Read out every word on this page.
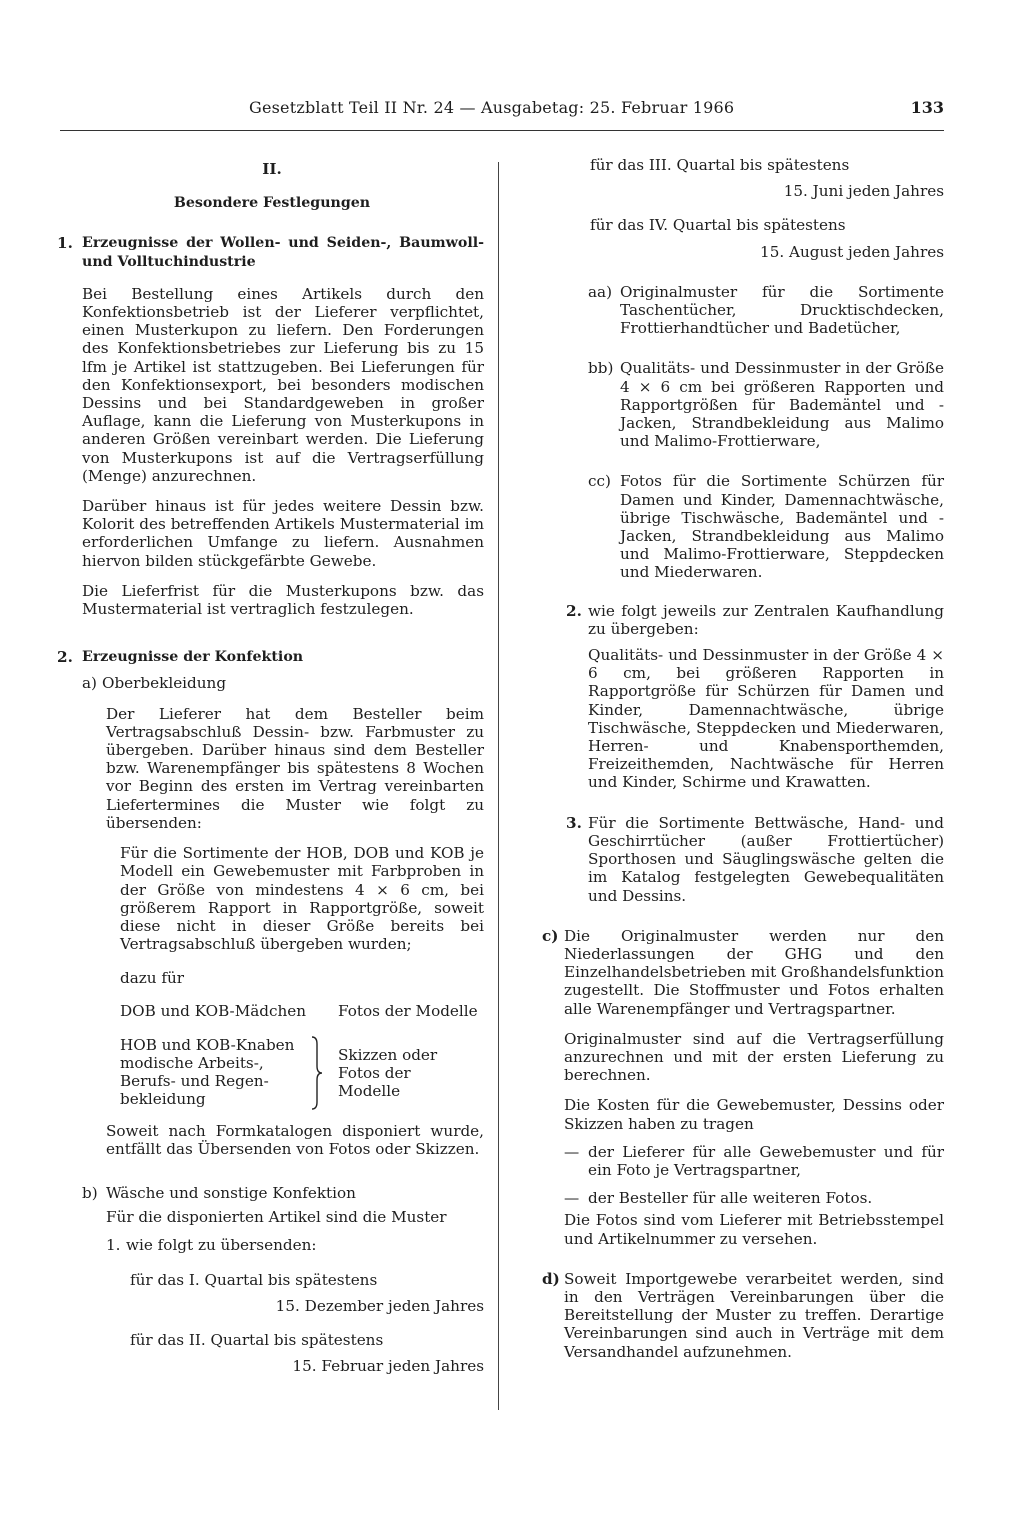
Gesetzblatt Teil II Nr. 24 — Ausgabetag: 25. Februar 1966	133

II.

Besondere Festlegungen

1. Erzeugnisse der Wollen- und Seiden-, Baumwoll-

und Volltuchindustrie

Bei Bestellung eines Artikels durch den Konfektionsbetrieb ist der Lieferer verpflichtet, einen Musterkupon zu liefern. Den Forderungen des Konfektionsbetriebes zur Lieferung bis zu 15 lfm je Artikel ist stattzugeben. Bei Lieferungen für den Konfektionsexport, bei besonders modischen Dessins und bei Standardgeweben in großer Auflage, kann die Lieferung von Musterkupons in anderen Größen vereinbart werden. Die Lieferung von Musterkupons ist auf die Vertragserfüllung (Menge) anzurechnen.

Darüber hinaus ist für jedes weitere Dessin bzw. Kolorit des betreffenden Artikels Mustermaterial im erforderlichen Umfange zu liefern. Ausnahmen hiervon bilden stückgefärbte Gewebe.

Die Lieferfrist für die Musterkupons bzw. das Mustermaterial ist vertraglich festzulegen.

2. Erzeugnisse der Konfektion

a) Oberbekleidung

Der Lieferer hat dem Besteller beim Vertragsabschluß Dessin- bzw. Farbmuster zu übergeben. Darüber hinaus sind dem Besteller bzw. Warenempfänger bis spätestens 8 Wochen vor Beginn des ersten im Vertrag vereinbarten Liefertermines die Muster wie folgt zu übersenden:

Für die Sortimente der HOB, DOB und KOB je Modell ein Gewebemuster mit Farbproben in der Größe von mindestens 4 × 6 cm, bei größerem Rapport in Rapportgröße, soweit diese nicht in dieser Größe bereits bei Vertragsabschluß übergeben wurden;

dazu für

DOB und KOB-Mädchen Fotos der Modelle

HOB und KOB-Knaben

modische Arbeits-,

Berufs- und Regen-

bekleidung

Skizzen oder

Fotos der

Modelle

Soweit nach Formkatalogen disponiert wurde, entfällt das Übersenden von Fotos oder Skizzen.

b) Wäsche und sonstige Konfektion

Für die disponierten Artikel sind die Muster

1. wie folgt zu übersenden:

für das I. Quartal bis spätestens

15. Dezember jeden Jahres

für das II. Quartal bis spätestens

15. Februar jeden Jahres

für das III. Quartal bis spätestens

15. Juni jeden Jahres

für das IV. Quartal bis spätestens

15. August jeden Jahres

aa) Originalmuster für die Sortimente Taschentücher, Drucktischdecken, Frottierhandtücher und Badetücher,

bb) Qualitäts- und Dessinmuster in der Größe 4 × 6 cm bei größeren Rapporten und Rapportgrößen für Bademäntel und -Jacken, Strandbekleidung aus Malimo und Malimo-Frottierware,

cc) Fotos für die Sortimente Schürzen für Damen und Kinder, Damennachtwäsche, übrige Tischwäsche, Bademäntel und -Jacken, Strandbekleidung aus Malimo und Malimo-Frottierware, Steppdecken und Miederwaren.

2. wie folgt jeweils zur Zentralen Kaufhandlung zu übergeben:

Qualitäts- und Dessinmuster in der Größe 4 × 6 cm, bei größeren Rapporten in Rapportgröße für Schürzen für Damen und Kinder, Damennachtwäsche, übrige Tischwäsche, Steppdecken und Miederwaren, Herren- und Knabensporthemden, Freizeithemden, Nachtwäsche für Herren und Kinder, Schirme und Krawatten.

3. Für die Sortimente Bettwäsche, Hand- und Geschirrtücher (außer Frottiertücher) Sporthosen und Säuglingswäsche gelten die im Katalog festgelegten Gewebequalitäten und Dessins.

c) Die Originalmuster werden nur den Niederlassungen der GHG und den Einzelhandelsbetrieben mit Großhandelsfunktion zugestellt. Die Stoffmuster und Fotos erhalten alle Warenempfänger und Vertragspartner.

Originalmuster sind auf die Vertragserfüllung anzurechnen und mit der ersten Lieferung zu berechnen.

Die Kosten für die Gewebemuster, Dessins oder Skizzen haben zu tragen

— der Lieferer für alle Gewebemuster und für ein Foto je Vertragspartner,

— der Besteller für alle weiteren Fotos.

Die Fotos sind vom Lieferer mit Betriebsstempel und Artikelnummer zu versehen.

d) Soweit Importgewebe verarbeitet werden, sind in den Verträgen Vereinbarungen über die Bereitstellung der Muster zu treffen. Derartige Vereinbarungen sind auch in Verträge mit dem Versandhandel aufzunehmen.
